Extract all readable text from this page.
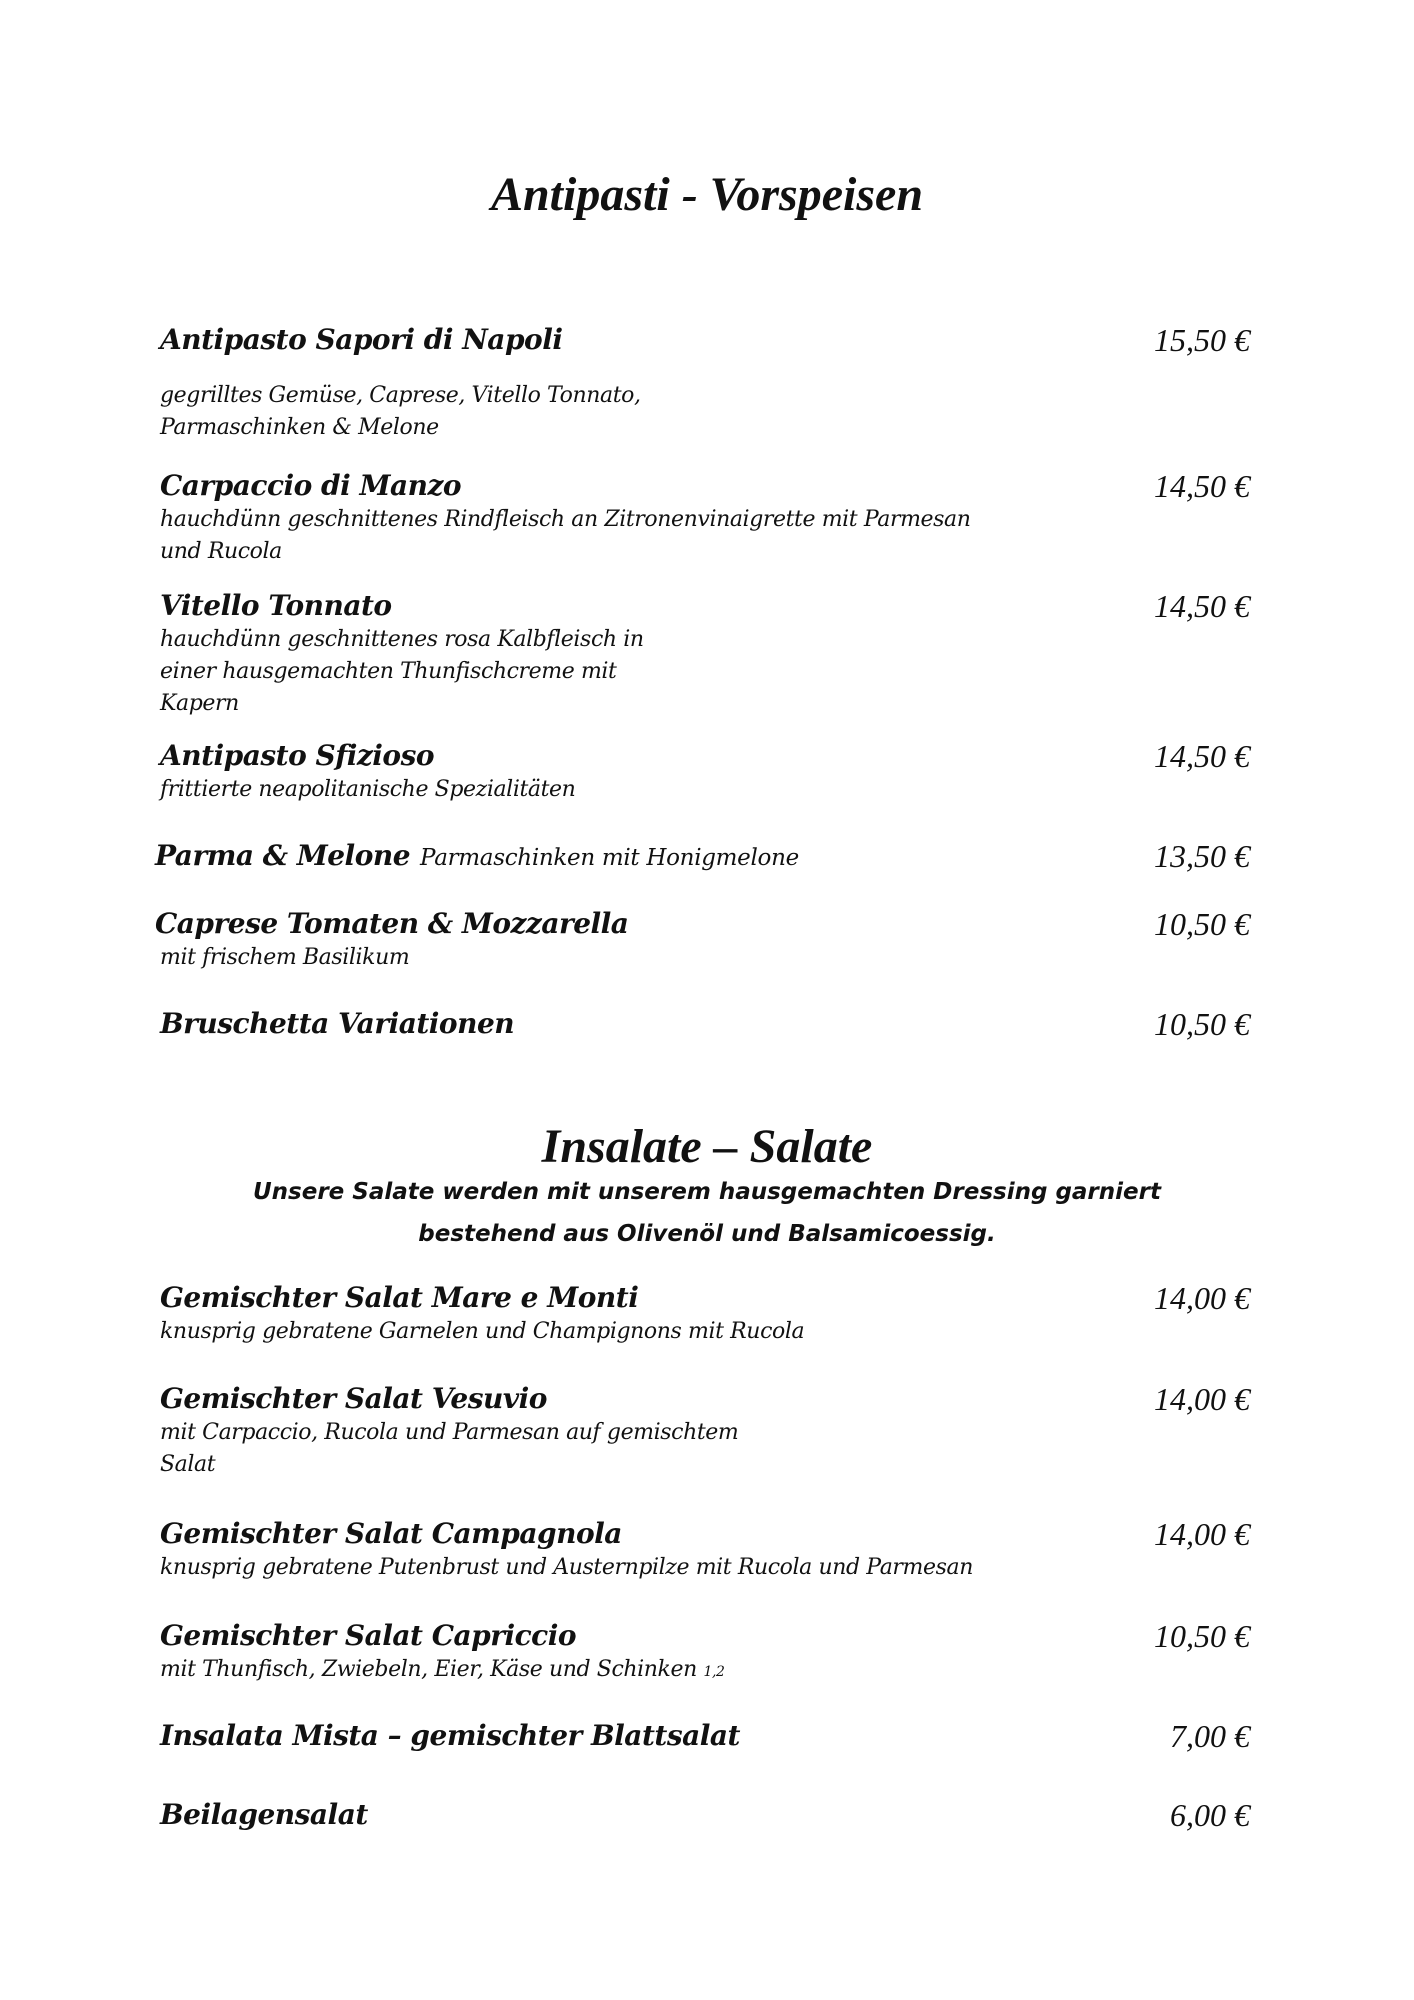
Antipasti - Vorspeisen
Antipasto Sapori di Napoli	15,50 €
gegrilltes Gemüse, Caprese, Vitello Tonnato,
Parmaschinken & Melone
Carpaccio di Manzo	14,50 €
hauchdünn geschnittenes Rindfleisch an Zitronenvinaigrette mit Parmesan
und Rucola
Vitello Tonnato	14,50 €
hauchdünn geschnittenes rosa Kalbfleisch in
einer hausgemachten Thunfischcreme mit
Kapern
Antipasto Sfizioso	14,50 €
frittierte neapolitanische Spezialitäten
Parma & Melone Parmaschinken mit Honigmelone	13,50 €
Caprese Tomaten & Mozzarella	10,50 €
mit frischem Basilikum
Bruschetta Variationen	10,50 €
Insalate – Salate
Unsere Salate werden mit unserem hausgemachten Dressing garniert
bestehend aus Olivenöl und Balsamicoessig.
Gemischter Salat Mare e Monti	14,00 €
knusprig gebratene Garnelen und Champignons mit Rucola
Gemischter Salat Vesuvio	14,00 €
mit Carpaccio, Rucola und Parmesan auf gemischtem
Salat
Gemischter Salat Campagnola	14,00 €
knusprig gebratene Putenbrust und Austernpilze mit Rucola und Parmesan
Gemischter Salat Capriccio	10,50 €
mit Thunfisch, Zwiebeln, Eier, Käse und Schinken 1,2
Insalata Mista – gemischter Blattsalat	7,00 €
Beilagensalat	6,00 €
